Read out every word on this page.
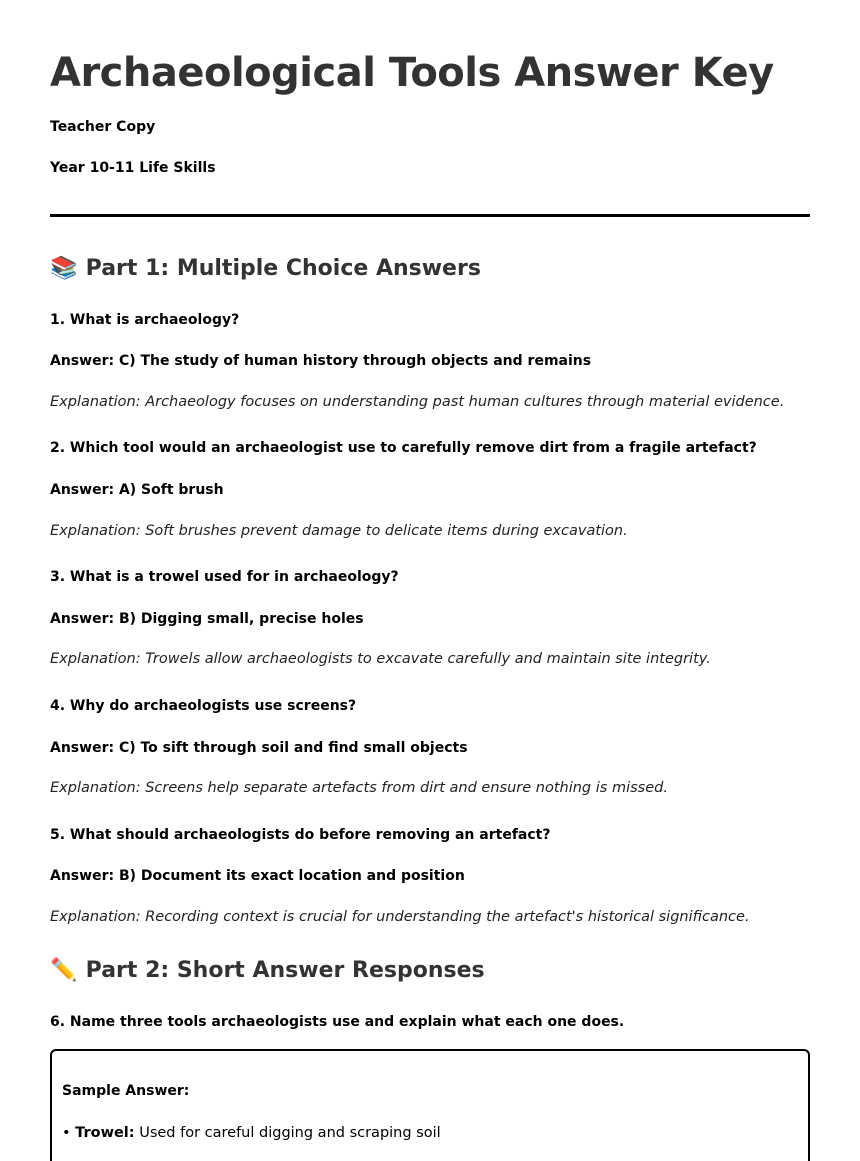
Archaeological Tools Answer Key
Teacher Copy
Year 10-11 Life Skills
📚 Part 1: Multiple Choice Answers
1. What is archaeology?
Answer: C) The study of human history through objects and remains
Explanation: Archaeology focuses on understanding past human cultures through material evidence.
2. Which tool would an archaeologist use to carefully remove dirt from a fragile artefact?
Answer: A) Soft brush
Explanation: Soft brushes prevent damage to delicate items during excavation.
3. What is a trowel used for in archaeology?
Answer: B) Digging small, precise holes
Explanation: Trowels allow archaeologists to excavate carefully and maintain site integrity.
4. Why do archaeologists use screens?
Answer: C) To sift through soil and find small objects
Explanation: Screens help separate artefacts from dirt and ensure nothing is missed.
5. What should archaeologists do before removing an artefact?
Answer: B) Document its exact location and position
Explanation: Recording context is crucial for understanding the artefact's historical significance.
✏️ Part 2: Short Answer Responses
6. Name three tools archaeologists use and explain what each one does.
Sample Answer:
• Trowel: Used for careful digging and scraping soil
